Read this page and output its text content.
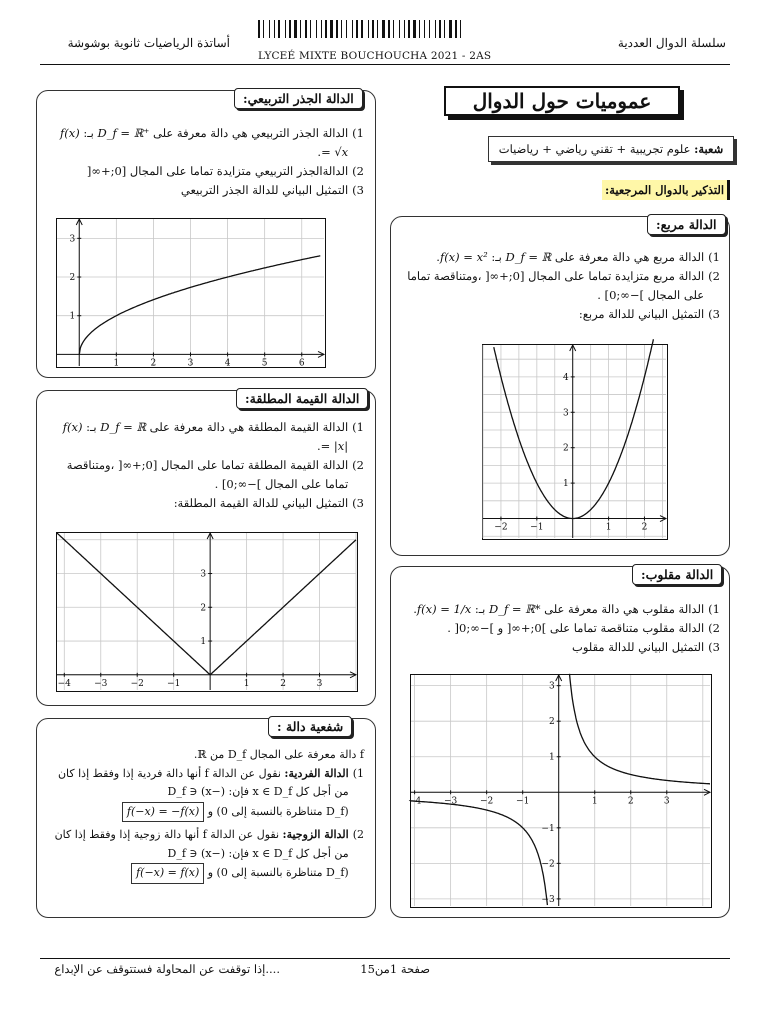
أساتذة الرياضيات ثانوية بوشوشة
LYCEÉ MIXTE BOUCHOUCHA 2021 - 2AS
سلسلة الدوال العددية
عموميات حول الدوال
شعبة: علوم تجريبية + تقني رياضي + رياضيات
التذكير بالدوال المرجعية:
الدالة مربع:
1)
الدالة مربع هي دالة معرفة على D_f = ℝ بـ: f(x) = x².
2)
الدالة مربع متزايدة تماما على المجال [0;+∞[ ،ومتناقصة تماما على المجال ]−∞;0] .
3)
التمثيل البياني للدالة مربع:
−2	−1	1	2
1
2
3
4
الدالة مقلوب:
1)
الدالة مقلوب هي دالة معرفة على D_f = ℝ* بـ: f(x) = 1/x.
2)
الدالة مقلوب متناقصة تماما على ]0;+∞[ و ]−∞;0[ .
3)
التمثيل البياني للدالة مقلوب
−4	−3	−2	−1	1	2	3
−3
−2
−1
1
2
3
الدالة الجذر التربيعي:
1)
الدالة الجذر التربيعي هي دالة معرفة على D_f = ℝ⁺ بـ: f(x) = √x.
2)
الدالةالجذر التربيعي متزايدة تماما على المجال [0;+∞[
3)
التمثيل البياني للدالة الجذر التربيعي
1	2	3	4	5	6
1
2
3
الدالة القيمة المطلقة:
1)
الدالة القيمة المطلقة هي دالة معرفة على D_f = ℝ بـ: f(x) = |x|.
2)
الدالة القيمة المطلقة تماما على المجال [0;+∞[ ،ومتناقصة تماما على المجال ]−∞;0] .
3)
التمثيل البياني للدالة القيمة المطلقة:
−4	−3	−2	−1	1	2	3
1
2
3
شفعية دالة :
f دالة معرفة على المجال D_f من ℝ.
1)
الدالة الفردية: نقول عن الدالة f أنها دالة فردية إذا وفقط إذا كان من أجل كل x ∈ D_f فإن: (−x) ∈ D_f
(D_f متناظرة بالنسبة إلى 0) و f(−x) = −f(x)
2)
الدالة الزوجية: نقول عن الدالة f أنها دالة زوجية إذا وفقط إذا كان من أجل كل x ∈ D_f فإن: (−x) ∈ D_f
(D_f متناظرة بالنسبة إلى 0) و f(−x) = f(x)
....إذا توقفت عن المحاولة فستتوقف عن الإبداع	صفحة 1من15
